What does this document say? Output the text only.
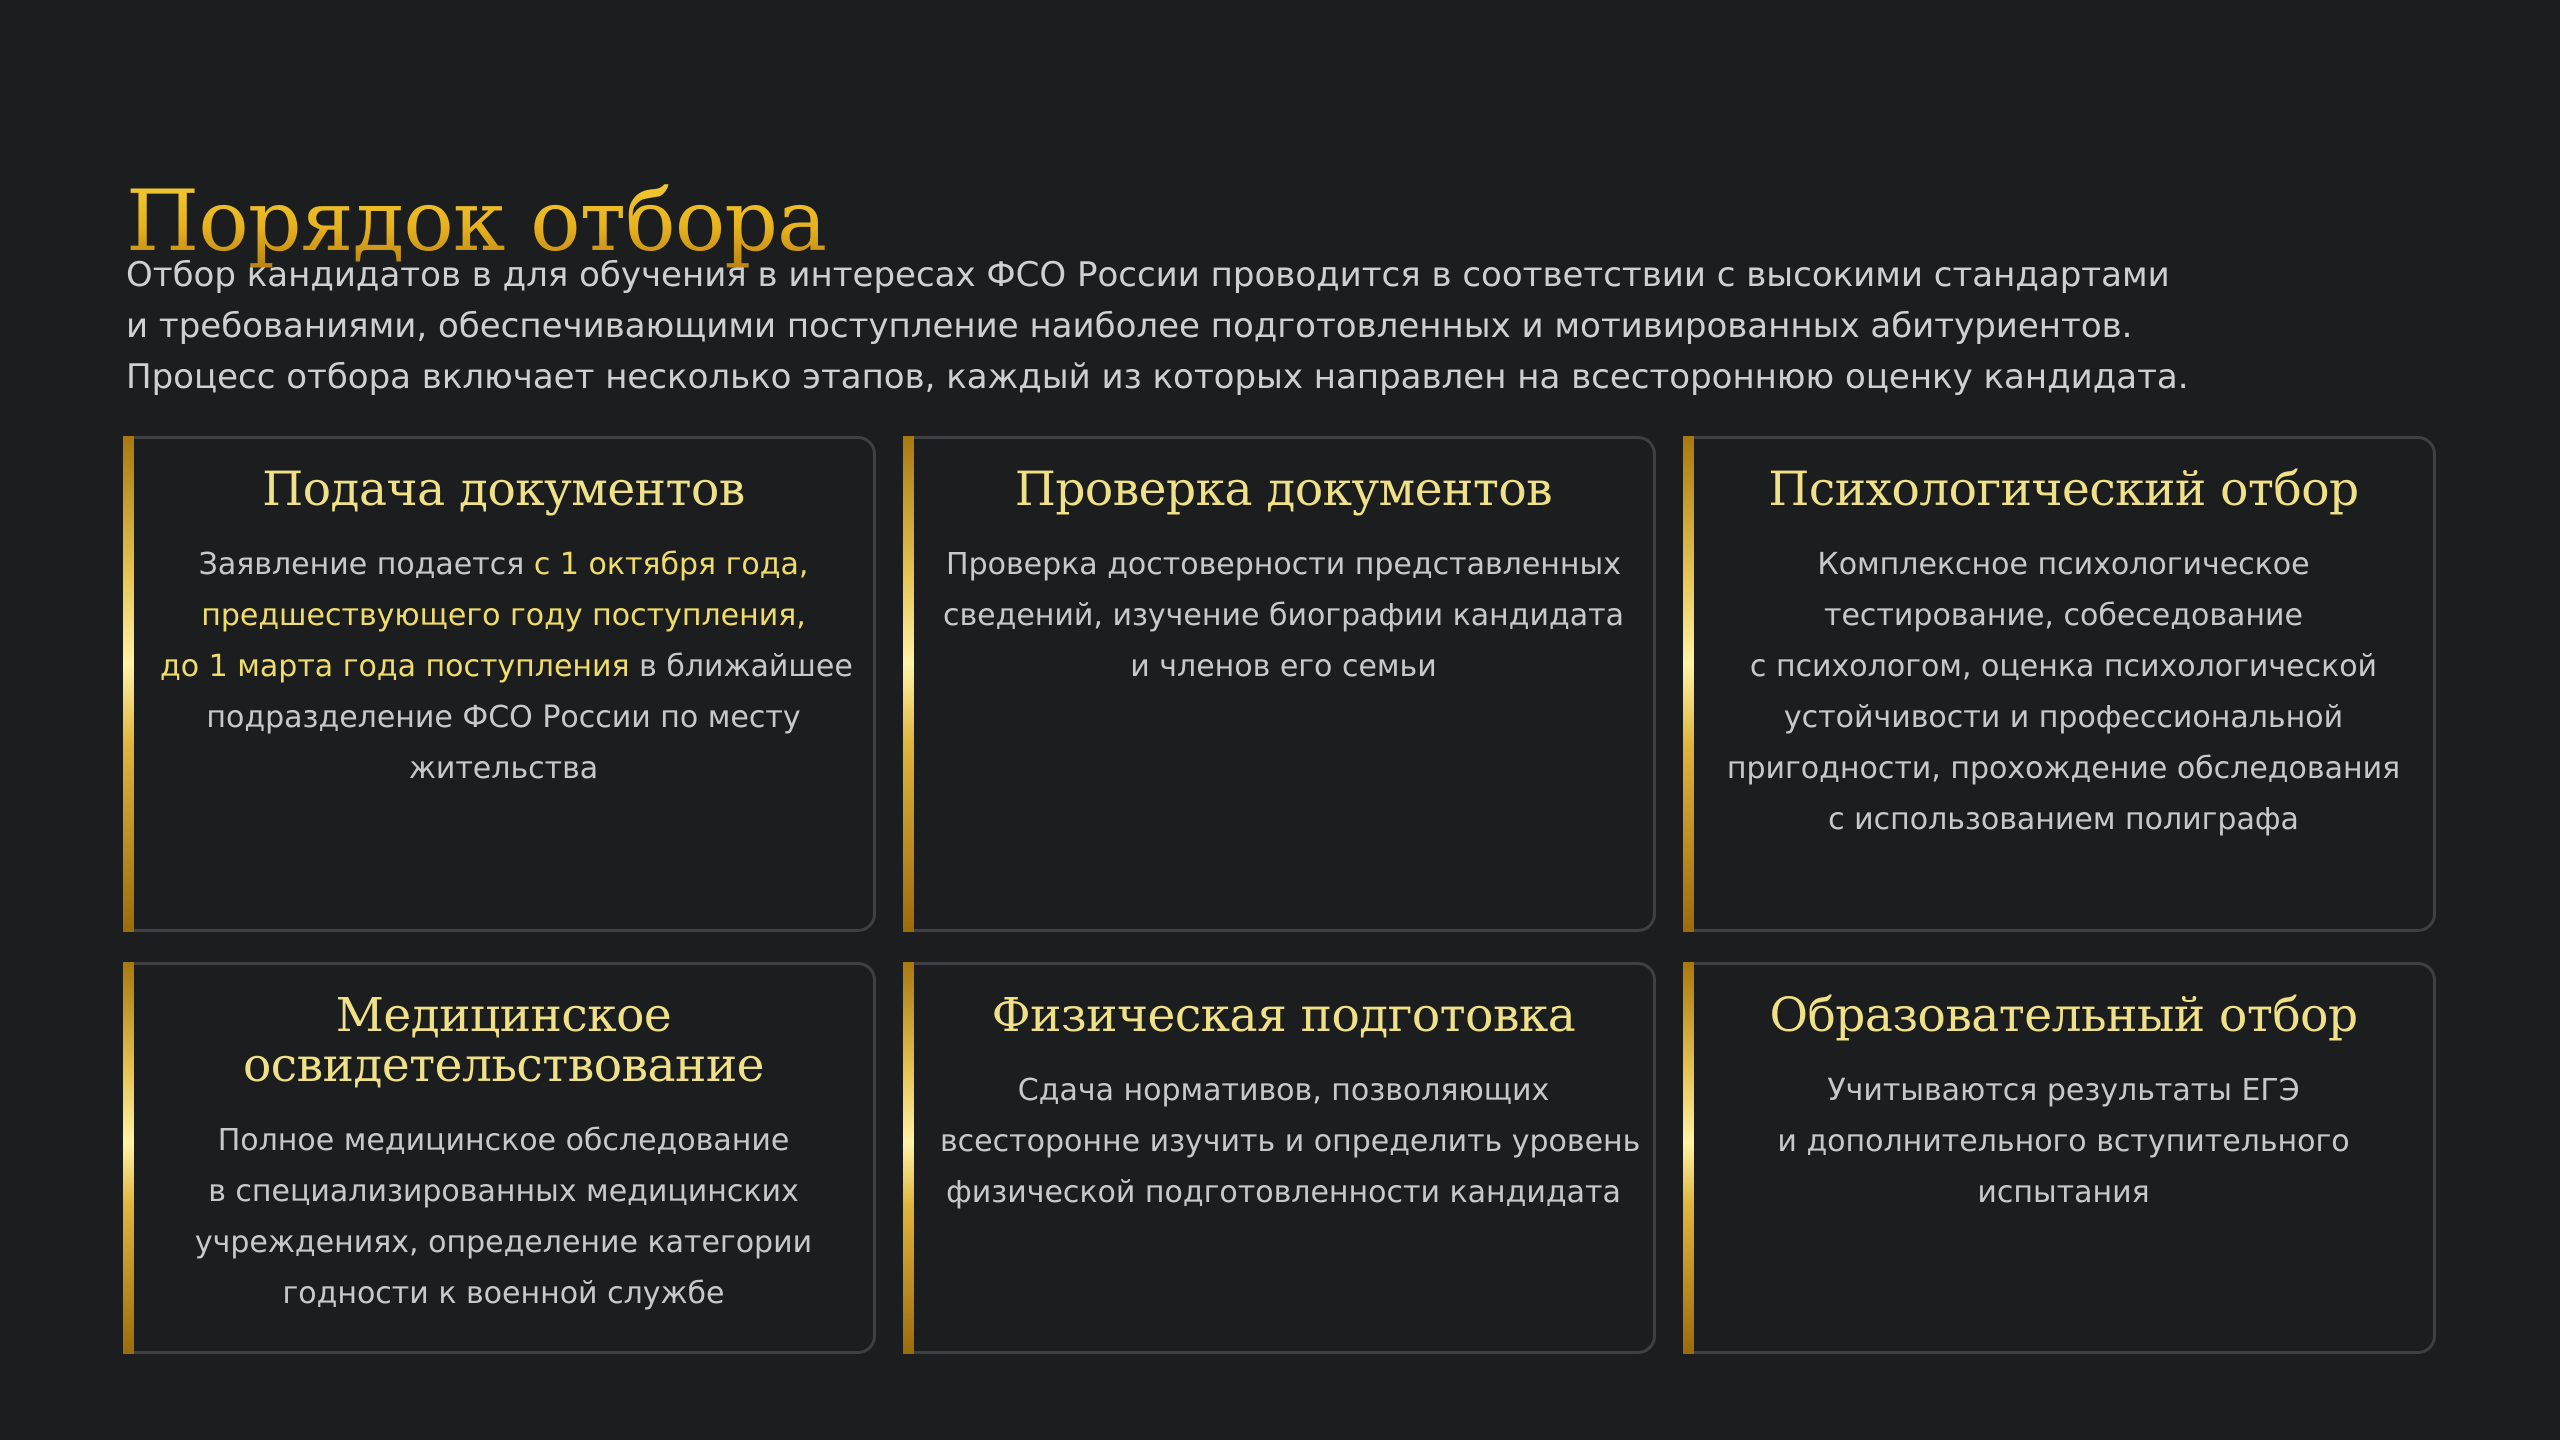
Порядок отбора
Отбор кандидатов в для обучения в интересах ФСО России проводится в соответствии с высокими стандартами
и требованиями, обеспечивающими поступление наиболее подготовленных и мотивированных абитуриентов.
Процесс отбора включает несколько этапов, каждый из которых направлен на всестороннюю оценку кандидата.
Подача документов
Заявление подается с 1 октября года,
предшествующего году поступления,
до 1 марта года поступления в ближайшее
подразделение ФСО России по месту
жительства
Проверка документов
Проверка достоверности представленных
сведений, изучение биографии кандидата
и членов его семьи
Психологический отбор
Комплексное психологическое
тестирование, собеседование
с психологом, оценка психологической
устойчивости и профессиональной
пригодности, прохождение обследования
с использованием полиграфа
Медицинское
освидетельствование
Полное медицинское обследование
в специализированных медицинских
учреждениях, определение категории
годности к военной службе
Физическая подготовка
Сдача нормативов, позволяющих
всесторонне изучить и определить уровень
физической подготовленности кандидата
Образовательный отбор
Учитываются результаты ЕГЭ
и дополнительного вступительного
испытания
